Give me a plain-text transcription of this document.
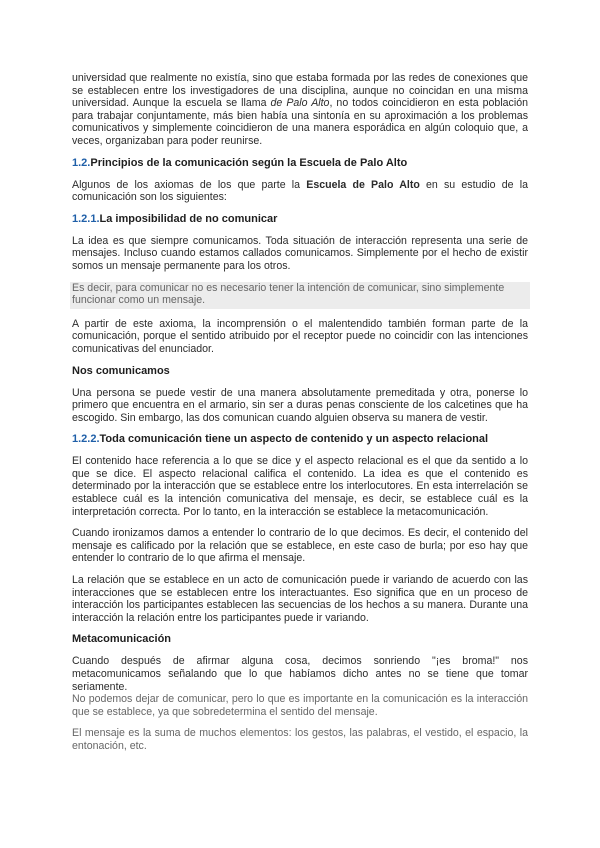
universidad que realmente no existía, sino que estaba formada por las redes de conexiones que se establecen entre los investigadores de una disciplina, aunque no coincidan en una misma universidad. Aunque la escuela se llama de Palo Alto, no todos coincidieron en esta población para trabajar conjuntamente, más bien había una sintonía en su aproximación a los problemas comunicativos y simplemente coincidieron de una manera esporádica en algún coloquio que, a veces, organizaban para poder reunirse.

1.2.Principios de la comunicación según la Escuela de Palo Alto

Algunos de los axiomas de los que parte la Escuela de Palo Alto en su estudio de la comunicación son los siguientes:

1.2.1.La imposibilidad de no comunicar

La idea es que siempre comunicamos. Toda situación de interacción representa una serie de mensajes. Incluso cuando estamos callados comunicamos. Simplemente por el hecho de existir somos un mensaje permanente para los otros.

Es decir, para comunicar no es necesario tener la intención de comunicar, sino simplemente funcionar como un mensaje.

A partir de este axioma, la incomprensión o el malentendido también forman parte de la comunicación, porque el sentido atribuido por el receptor puede no coincidir con las intenciones comunicativas del enunciador.

Nos comunicamos

Una persona se puede vestir de una manera absolutamente premeditada y otra, ponerse lo primero que encuentra en el armario, sin ser a duras penas consciente de los calcetines que ha escogido. Sin embargo, las dos comunican cuando alguien observa su manera de vestir.

1.2.2.Toda comunicación tiene un aspecto de contenido y un aspecto relacional

El contenido hace referencia a lo que se dice y el aspecto relacional es el que da sentido a lo que se dice. El aspecto relacional califica el contenido. La idea es que el contenido es determinado por la interacción que se establece entre los interlocutores. En esta interrelación se establece cuál es la intención comunicativa del mensaje, es decir, se establece cuál es la interpretación correcta. Por lo tanto, en la interacción se establece la metacomunicación.

Cuando ironizamos damos a entender lo contrario de lo que decimos. Es decir, el contenido del mensaje es calificado por la relación que se establece, en este caso de burla; por eso hay que entender lo contrario de lo que afirma el mensaje.

La relación que se establece en un acto de comunicación puede ir variando de acuerdo con las interacciones que se establecen entre los interactuantes. Eso significa que en un proceso de interacción los participantes establecen las secuencias de los hechos a su manera. Durante una interacción la relación entre los participantes puede ir variando.

Metacomunicación

Cuando después de afirmar alguna cosa, decimos sonriendo "¡es broma!" nos metacomunicamos señalando que lo que habíamos dicho antes no se tiene que tomar seriamente.

No podemos dejar de comunicar, pero lo que es importante en la comunicación es la interacción que se establece, ya que sobredetermina el sentido del mensaje.

El mensaje es la suma de muchos elementos: los gestos, las palabras, el vestido, el espacio, la entonación, etc.
